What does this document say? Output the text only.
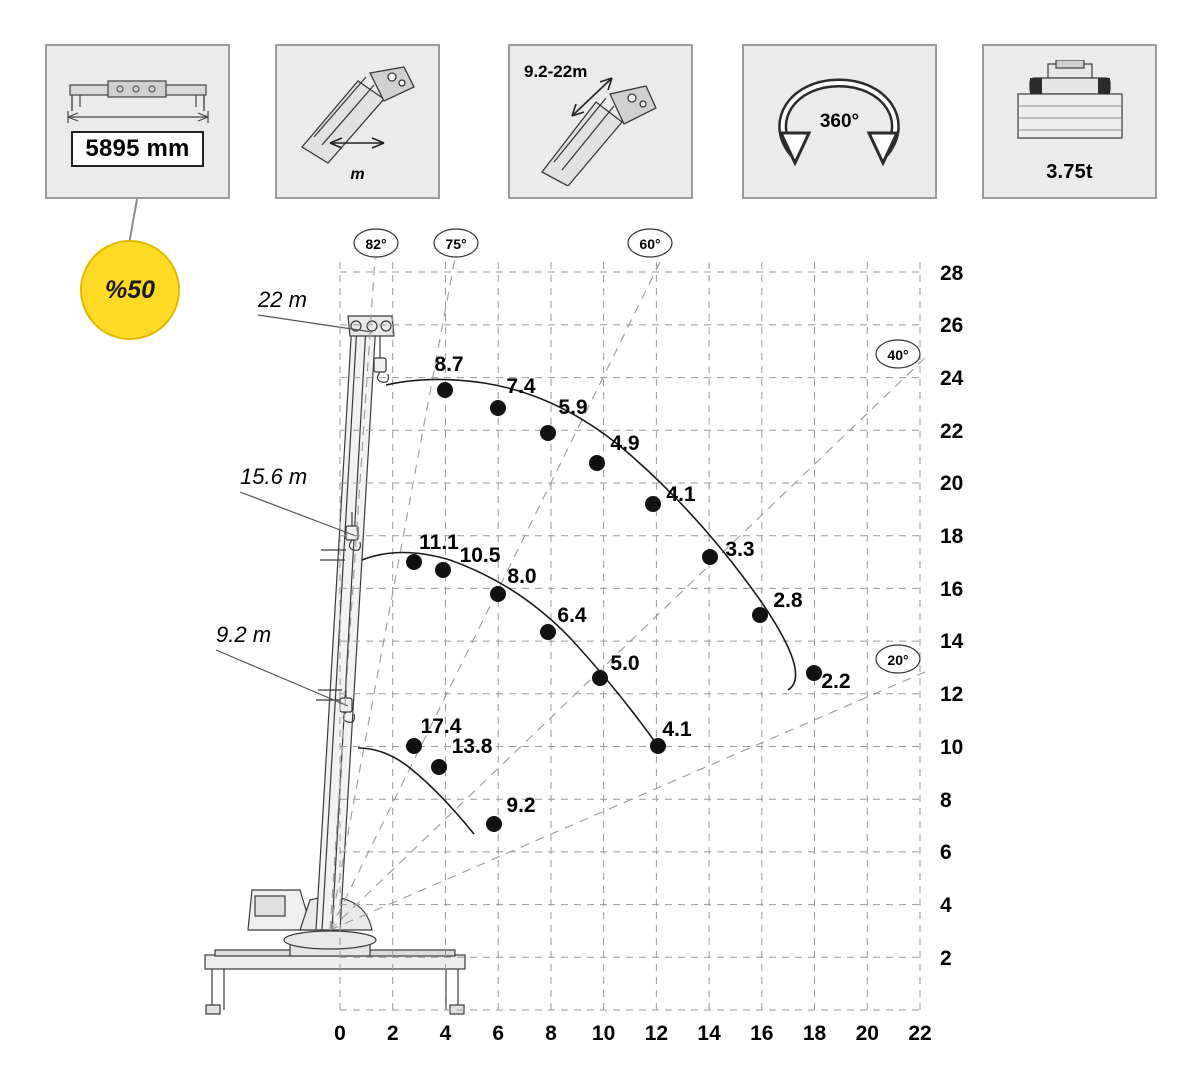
5895 mm
m
9.2-22m
360°
3.75t
%50	22 m
15.6 m
9.2 m
82°	75°	60°
40°
20°
8.7
7.4
5.9
4.9
4.1
3.3
2.8
2.2
11.1
10.5
8.0
6.4
5.0
4.1
17.4
13.8
9.2
0 2 4 6 8 10 12 14 16 18 20 22
2
4
6
8
10
12
14
16
18
20
22
24
26
28
